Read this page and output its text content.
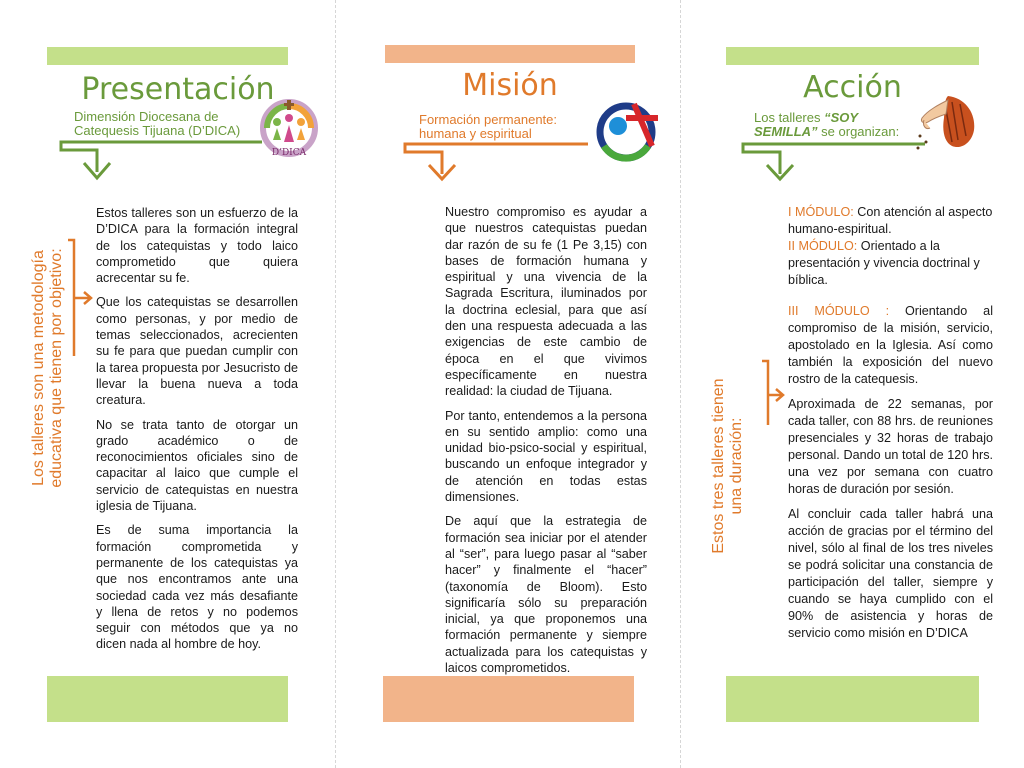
Presentación
Dimensión Diocesana de
Catequesis Tijuana (D’DICA)
D’DICA
Los talleres son una metodología educativa que tienen por objetivo:

Estos talleres son un esfuerzo de la D’DICA para la formación integral de los catequistas y todo laico comprometido que quiera acrecentar su fe.

Que los catequistas se desarrollen como personas, y por medio de temas seleccionados, acrecienten su fe para que puedan cumplir con la tarea propuesta por Jesucristo de llevar la buena nueva a toda creatura.

No se trata tanto de otorgar un grado académico o de reconocimientos oficiales sino de capacitar al laico que cumple el servicio de catequistas en nuestra iglesia de Tijuana.

Es de suma importancia la formación comprometida y permanente de los catequistas ya que nos encontramos ante una sociedad cada vez más desafiante y llena de retos y no podemos seguir con métodos que ya no dicen nada al hombre de hoy.

Misión
Formación permanente:
humana y espiritual

Nuestro compromiso es ayudar a que nuestros catequistas puedan dar razón de su fe (1 Pe 3,15) con bases de formación humana y espiritual y una vivencia de la Sagrada Escritura, iluminados por la doctrina eclesial, para que así den una respuesta adecuada a las exigencias de este cambio de época en el que vivimos específicamente en nuestra realidad: la ciudad de Tijuana.

Por tanto, entendemos a la persona en su sentido amplio: como una unidad bio-psico-social y espiritual, buscando un enfoque integrador y de atención en todas estas dimensiones.

De aquí que la estrategia de formación sea iniciar por el atender al “ser”, para luego pasar al “saber hacer” y finalmente el “hacer” (taxonomía de Bloom). Esto significaría sólo su preparación inicial, ya que proponemos una formación permanente y siempre actualizada para los catequistas y laicos comprometidos.

Acción
Los talleres “SOY SEMILLA” se organizan:
Estos tres talleres tienen una duración:
I MÓDULO: Con atención al aspecto humano-espiritual.
II MÓDULO: Orientado a la presentación y vivencia doctrinal y bíblica.

III MÓDULO : Orientando al compromiso de la misión, servicio, apostolado en la Iglesia. Así como también la exposición del nuevo rostro de la catequesis.

Aproximada de 22 semanas, por cada taller, con 88 hrs. de reuniones presenciales y 32 horas de trabajo personal. Dando un total de 120 hrs. una vez por semana con cuatro horas de duración por sesión.

Al concluir cada taller habrá una acción de gracias por el término del nivel, sólo al final de los tres niveles se podrá solicitar una constancia de participación del taller, siempre y cuando se haya cumplido con el 90% de asistencia y horas de servicio como misión en D’DICA
